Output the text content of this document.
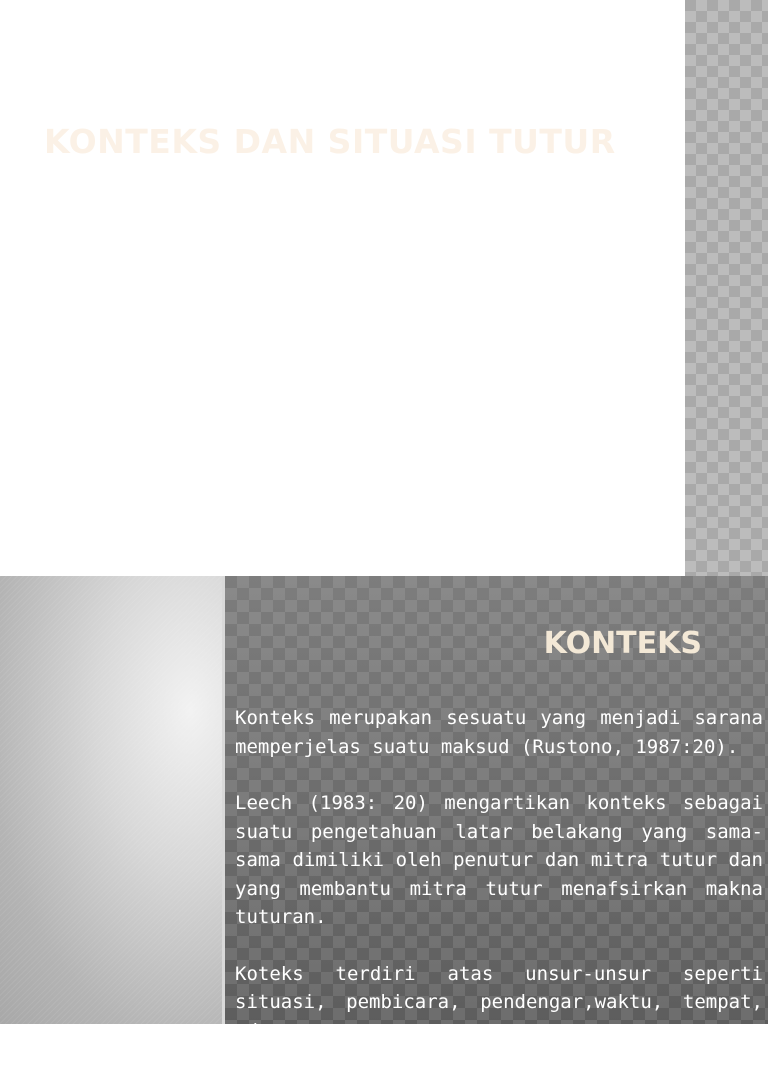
KONTEKS DAN SITUASI TUTUR
KONTEKS

Konteks merupakan sesuatu yang menjadi sarana memperjelas suatu maksud (Rustono, 1987:20).

Leech (1983: 20) mengartikan konteks sebagai suatu pengetahuan latar belakang yang sama-sama dimiliki oleh penutur dan mitra tutur dan yang membantu mitra tutur menafsirkan makna tuturan.

Koteks terdiri atas unsur-unsur seperti situasi, pembicara, pendengar,waktu, tempat, adegan,
